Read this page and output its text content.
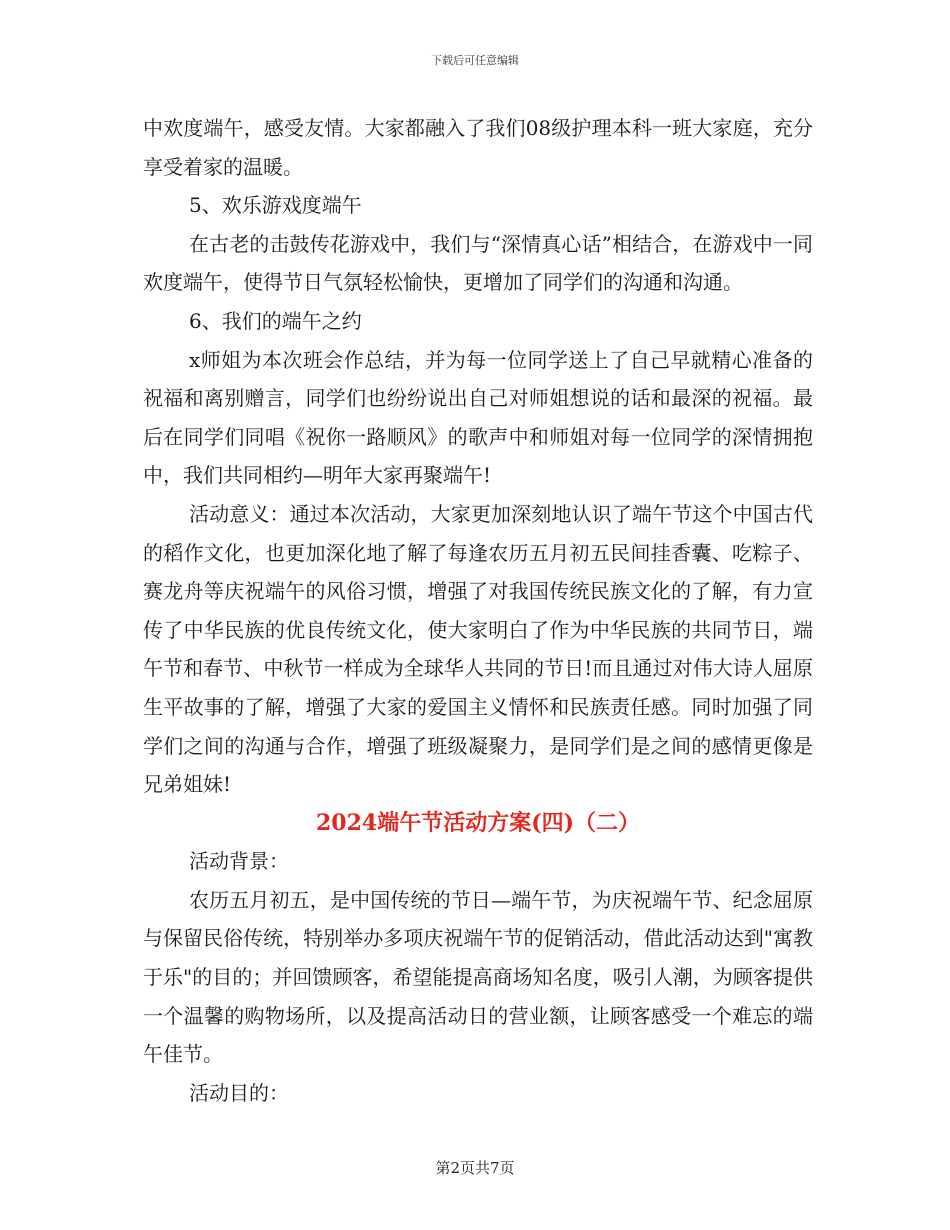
下载后可任意编辑

中欢度端午，感受友情。大家都融入了我们08级护理本科一班大家庭，充分享受着家的温暖。

5、欢乐游戏度端午

在古老的击鼓传花游戏中，我们与“深情真心话”相结合，在游戏中一同欢度端午，使得节日气氛轻松愉快，更增加了同学们的沟通和沟通。

6、我们的端午之约

x师姐为本次班会作总结，并为每一位同学送上了自己早就精心准备的祝福和离别赠言，同学们也纷纷说出自己对师姐想说的话和最深的祝福。最后在同学们同唱《祝你一路顺风》的歌声中和师姐对每一位同学的深情拥抱中，我们共同相约—明年大家再聚端午!

活动意义：通过本次活动，大家更加深刻地认识了端午节这个中国古代的稻作文化，也更加深化地了解了每逢农历五月初五民间挂香囊、吃粽子、赛龙舟等庆祝端午的风俗习惯，增强了对我国传统民族文化的了解，有力宣传了中华民族的优良传统文化，使大家明白了作为中华民族的共同节日，端午节和春节、中秋节一样成为全球华人共同的节日!而且通过对伟大诗人屈原生平故事的了解，增强了大家的爱国主义情怀和民族责任感。同时加强了同学们之间的沟通与合作，增强了班级凝聚力，是同学们是之间的感情更像是兄弟姐妹!

2024端午节活动方案(四)（二）

活动背景：

农历五月初五，是中国传统的节日—端午节，为庆祝端午节、纪念屈原与保留民俗传统，特别举办多项庆祝端午节的促销活动，借此活动达到"寓教于乐"的目的；并回馈顾客，希望能提高商场知名度，吸引人潮，为顾客提供一个温馨的购物场所，以及提高活动日的营业额，让顾客感受一个难忘的端午佳节。

活动目的：

第2页共7页
